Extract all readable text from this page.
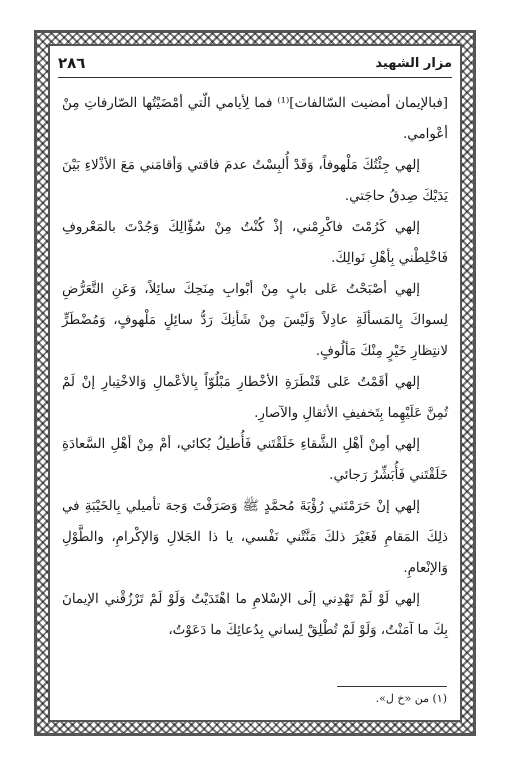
٢٨٦	مزار الشهيد

[فبالإيمان أمضيت السّالفات]⁽¹⁾ فما لِأيامي الّتي أمْضَيْتُها الصّارفاتِ مِنْ أعْوامي.

إلهي جِئْتُكَ مَلْهوفاً، وَقَدْ أُلبِسْتُ عدمَ فاقتي وَأقامَني مَعَ الأذْلاءِ بَيْنَ يَدَيْكَ صِدقُ حاجَتي.

إلهي كَرُمْتَ فاكْرِمْني، إذْ كُنْتُ مِنْ سُؤّالِكَ وَجُدْتَ بالمَعْروفِ فَاخْلِطْني بِأهْلِ نَوالِكَ.

إلهي أصْبَحْتُ عَلى بابٍ مِنْ أبْوابِ مِنَحِكَ سائِلاً، وَعَنِ التَّعَرُّضِ لِسواكَ بِالمَسألَةِ عادِلاً وَلَيْسَ مِنْ شَأنِكَ رَدُّ سائِلٍ مَلْهوفٍ، وَمُضْطَرٍّ لانتِظارِ خَيْرٍ مِنْكَ مَألُوفٍ.

إلهي أقَمْتُ عَلى قَنْطَرَةِ الأخْطارِ مَبْلُوّاً بِالأعْمالِ وَالاخْتِبارِ إنْ لَمْ تُمِنَّ عَلَيْهِما بِتَخفيفِ الأثقالِ والآصارِ.

إلهي أمِنْ أهْلِ الشَّقاءِ خَلَقْتَني فَأُطيلُ بُكائي، أمْ مِنْ أهْلِ السَّعادَةِ خَلَقْتَني فَأُبَشِّرُ رَجائي.

إلهي إنْ حَرَمْتَني رُؤْيَةَ مُحمَّدٍ ﷺ وَصَرَفْتَ وَجهَ تأميلي بِالخَيْبَةِ في ذلِكَ المَقامِ فَغَيْرَ ذلكَ مَنَّتْني نَفْسي، يا ذا الجَلالِ وَالإكْرامِ، والطَّوْلِ وَالإنْعامِ.

إلهي لَوْ لَمْ تَهْدِني إلَى الإسْلامِ ما اهْتَدَيْتُ وَلَوْ لَمْ تَرْزُقْني الإيمانَ بِكَ ما آمَنْتُ، وَلَوْ لَمْ تُطْلِقْ لِساني بِدُعائِكَ ما دَعَوْتُ،

(١) من «خ ل».
